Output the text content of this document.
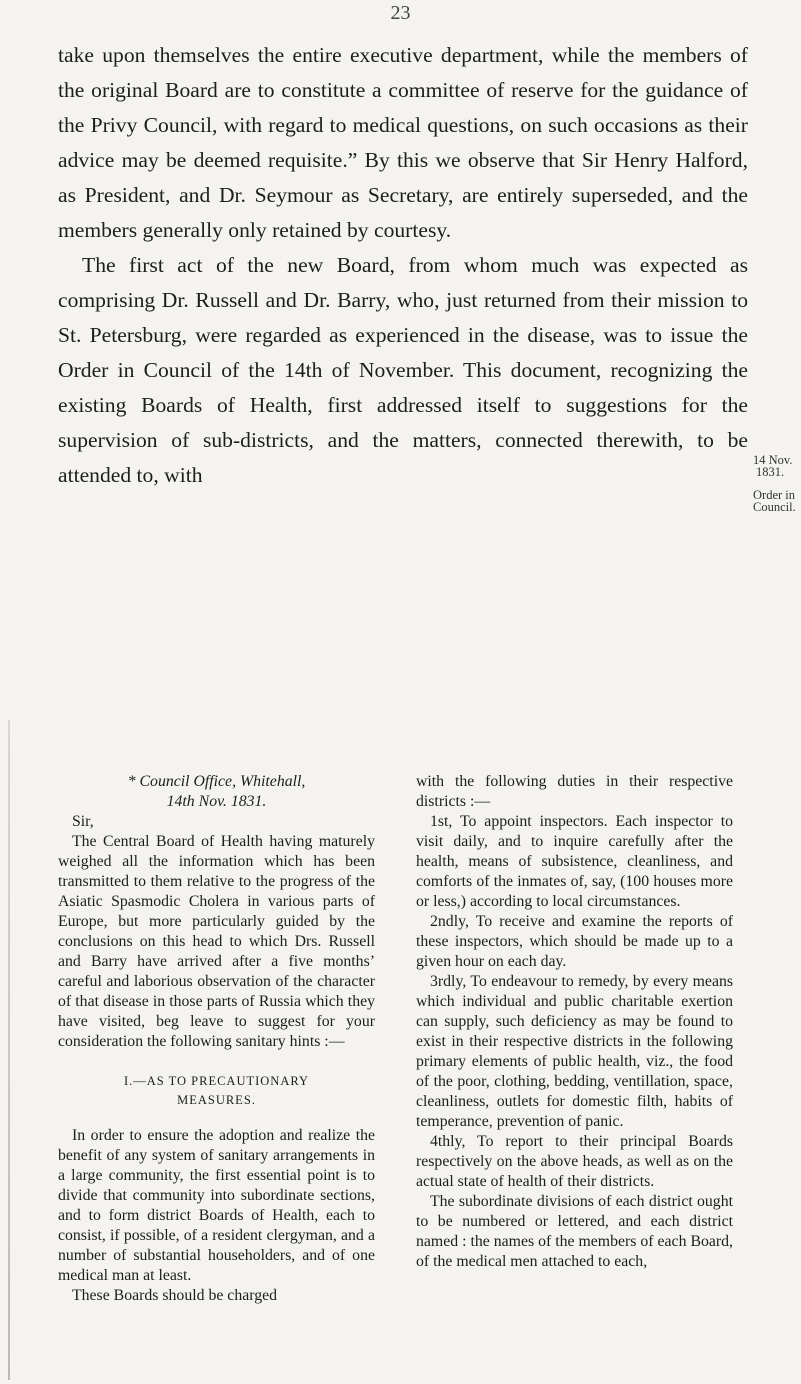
23

take upon themselves the entire executive department, while the members of the original Board are to constitute a committee of reserve for the guidance of the Privy Council, with regard to medical questions, on such occasions as their advice may be deemed requisite.” By this we observe that Sir Henry Halford, as President, and Dr. Seymour as Secretary, are entirely superseded, and the members generally only retained by courtesy.

The first act of the new Board, from whom much was expected as comprising Dr. Russell and Dr. Barry, who, just returned from their mission to St. Petersburg, were regarded as experienced in the disease, was to issue the Order in Council of the 14th of November. This document, recognizing the existing Boards of Health, first addressed itself to suggestions for the supervision of sub-districts, and the matters, connected therewith, to be attended to, with

14 Nov.
1831.
Order in
Council.

* Council Office, Whitehall,

14th Nov. 1831.

Sir,

The Central Board of Health having maturely weighed all the information which has been transmitted to them relative to the progress of the Asiatic Spasmodic Cholera in various parts of Europe, but more particularly guided by the conclusions on this head to which Drs. Russell and Barry have arrived after a five months’ careful and laborious observation of the character of that disease in those parts of Russia which they have visited, beg leave to suggest for your consideration the following sanitary hints :—

I.—AS TO PRECAUTIONARY
MEASURES.

In order to ensure the adoption and realize the benefit of any system of sanitary arrangements in a large community, the first essential point is to divide that community into subordinate sections, and to form district Boards of Health, each to consist, if possible, of a resident clergyman, and a number of substantial householders, and of one medical man at least.

These Boards should be charged

with the following duties in their respective districts :—

1st, To appoint inspectors. Each inspector to visit daily, and to inquire carefully after the health, means of subsistence, cleanliness, and comforts of the inmates of, say, (100 houses more or less,) according to local circumstances.

2ndly, To receive and examine the reports of these inspectors, which should be made up to a given hour on each day.

3rdly, To endeavour to remedy, by every means which individual and public charitable exertion can supply, such deficiency as may be found to exist in their respective districts in the following primary elements of public health, viz., the food of the poor, clothing, bedding, ventillation, space, cleanliness, outlets for domestic filth, habits of temperance, prevention of panic.

4thly, To report to their principal Boards respectively on the above heads, as well as on the actual state of health of their districts.

The subordinate divisions of each district ought to be numbered or lettered, and each district named : the names of the members of each Board, of the medical men attached to each,
